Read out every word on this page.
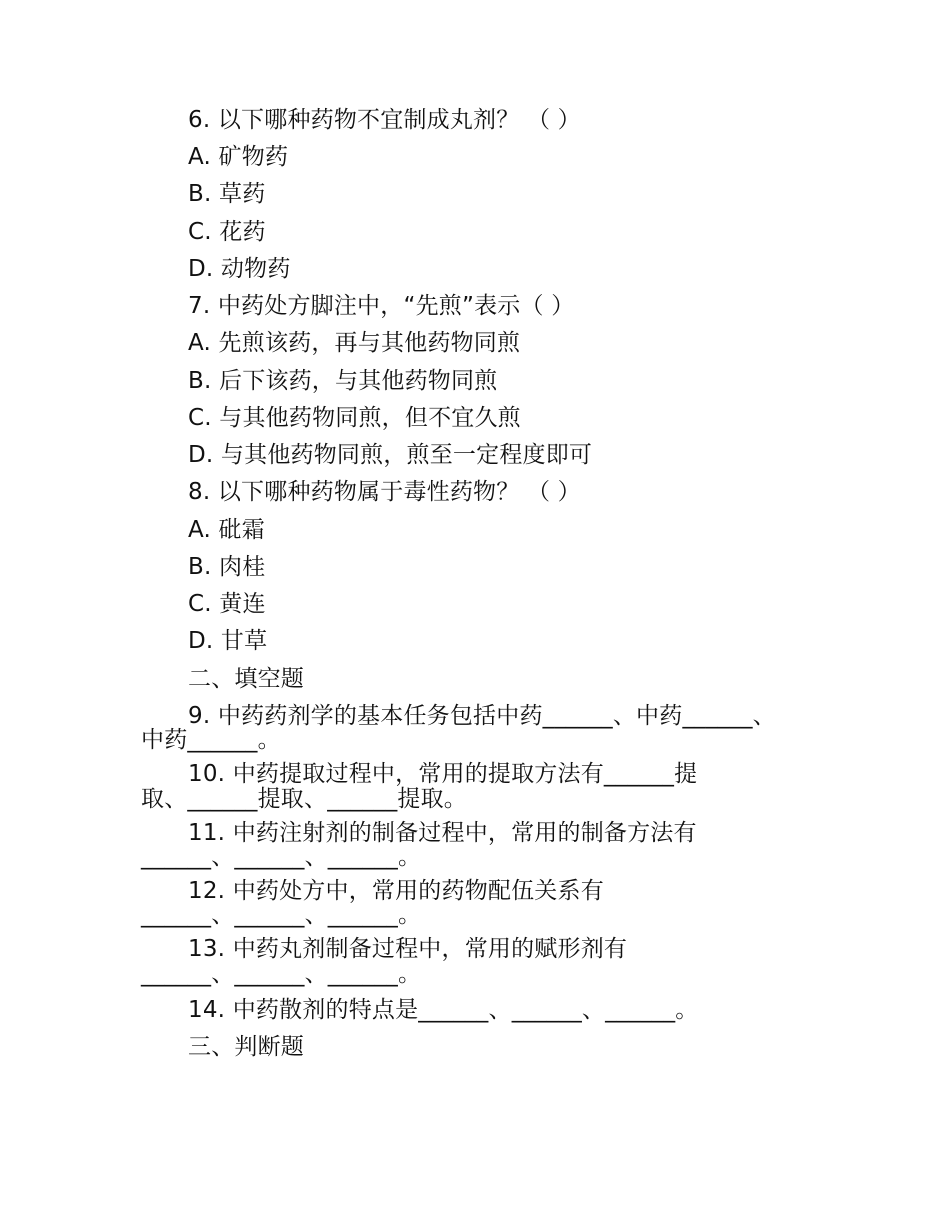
6. 以下哪种药物不宜制成丸剂？ （ ）
A. 矿物药
B. 草药
C. 花药
D. 动物药
7. 中药处方脚注中，“先煎”表示（ ）
A. 先煎该药，再与其他药物同煎
B. 后下该药，与其他药物同煎
C. 与其他药物同煎，但不宜久煎
D. 与其他药物同煎，煎至一定程度即可
8. 以下哪种药物属于毒性药物？ （ ）
A. 砒霜
B. 肉桂
C. 黄连
D. 甘草
二、填空题
9. 中药药剂学的基本任务包括中药______、中药______、
中药______。
10. 中药提取过程中，常用的提取方法有______提
取、______提取、______提取。
11. 中药注射剂的制备过程中，常用的制备方法有
______、______、______。
12. 中药处方中，常用的药物配伍关系有
______、______、______。
13. 中药丸剂制备过程中，常用的赋形剂有
______、______、______。
14. 中药散剂的特点是______、______、______。
三、判断题
